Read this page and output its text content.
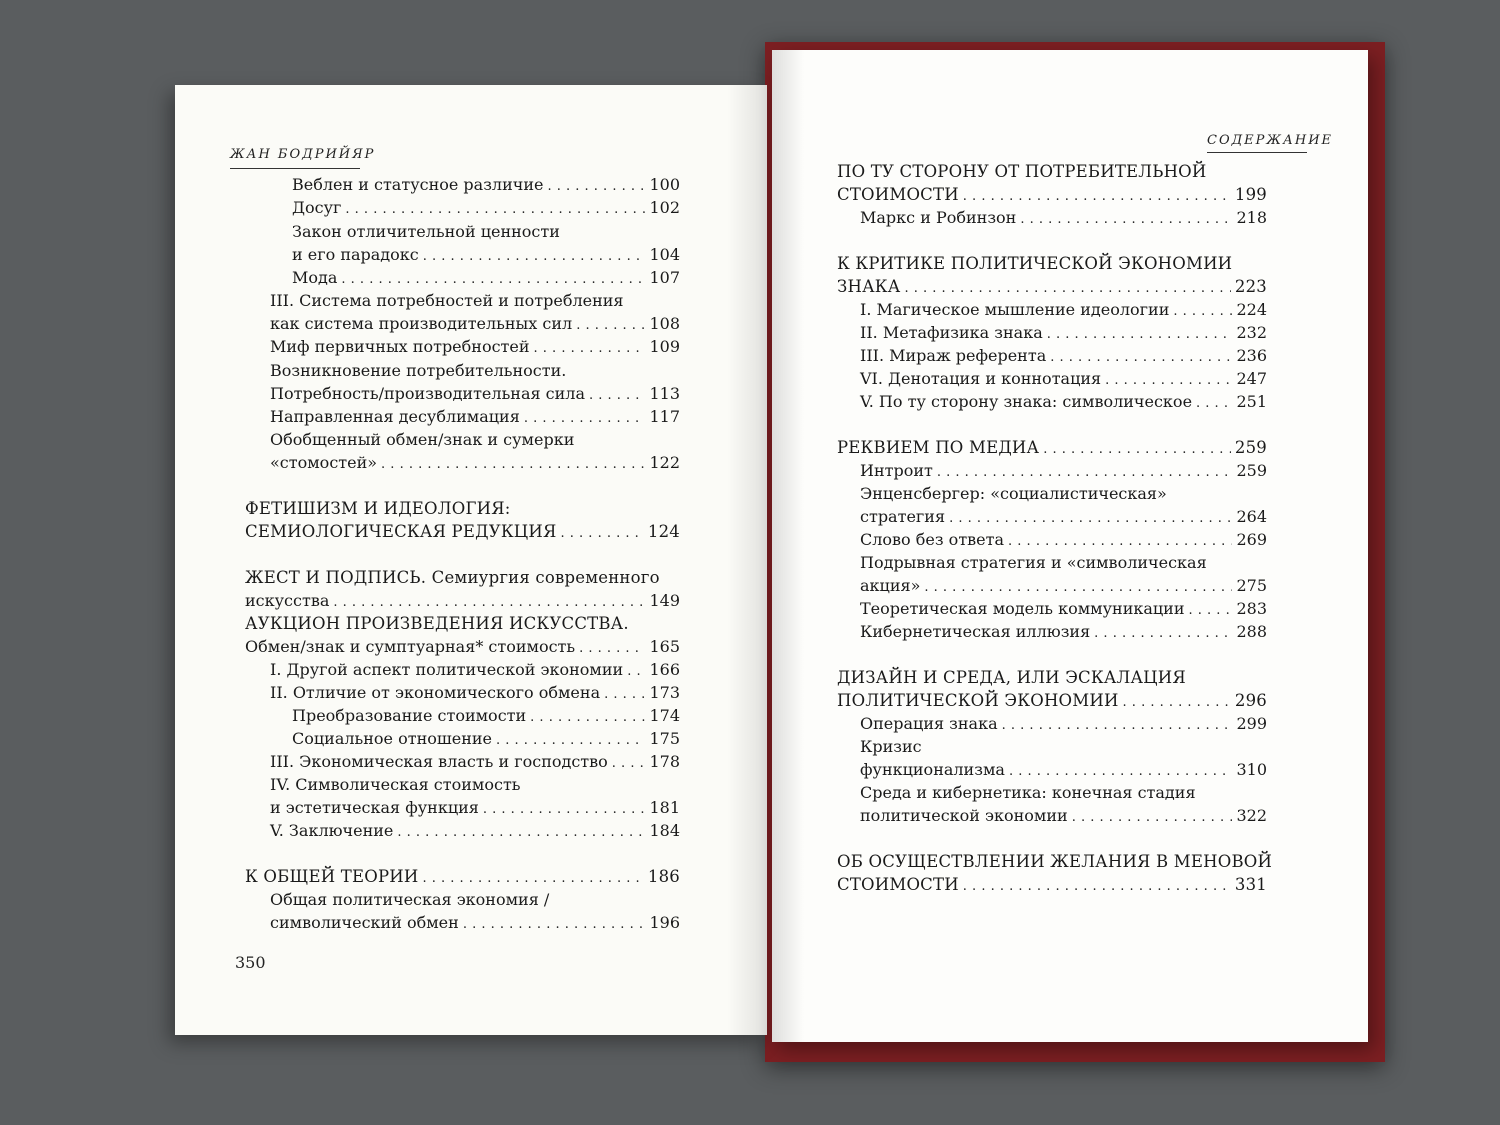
ЖАН БОДРИЙЯР
Веблен и статусное различие . . .	100
Досуг . . .	102
Закон отличительной ценности
и его парадокс . . .	104
Мода . . .	107
III. Система потребностей и потребления
как система производительных сил . . .	108
Миф первичных потребностей . . .	109
Возникновение потребительности.
Потребность/производительная сила . . .	113
Направленная десублимация . . .	117
Обобщенный обмен/знак и сумерки
«стомостей» . . .	122
ФЕТИШИЗМ И ИДЕОЛОГИЯ:
СЕМИОЛОГИЧЕСКАЯ РЕДУКЦИЯ . . .	124
ЖЕСТ И ПОДПИСЬ. Семиургия современного
искусства . . .	149
АУКЦИОН ПРОИЗВЕДЕНИЯ ИСКУССТВА.
Обмен/знак и сумптуарная* стоимость . . .	165
I. Другой аспект политической экономии . . . 166
II. Отличие от экономического обмена . . .	173
Преобразование стоимости . . .	174
Социальное отношение . . .	175
III. Экономическая власть и господство . . .	178
IV. Символическая стоимость
и эстетическая функция . . .	181
V. Заключение . . .	184
К ОБЩЕЙ ТЕОРИИ . . .	186
Общая политическая экономия /
символический обмен . . .	196
350
СОДЕРЖАНИЕ
ПО ТУ СТОРОНУ ОТ ПОТРЕБИТЕЛЬНОЙ
СТОИМОСТИ . . .	199
Маркс и Робинзон . . .	218
К КРИТИКЕ ПОЛИТИЧЕСКОЙ ЭКОНОМИИ
ЗНАКА . . .	223
I. Магическое мышление идеологии . . .	224
II. Метафизика знака . . .	232
III. Мираж референта . . .	236
VI. Денотация и коннотация . . .	247
V. По ту сторону знака: символическое . . .	251
РЕКВИЕМ ПО МЕДИА . . .	259
Интроит . . .	259
Энценсбергер: «социалистическая»
стратегия . . .	264
Слово без ответа . . .	269
Подрывная стратегия и «символическая
акция» . . .	275
Теоретическая модель коммуникации . . .	283
Кибернетическая иллюзия . . .	288
ДИЗАЙН И СРЕДА, ИЛИ ЭСКАЛАЦИЯ
ПОЛИТИЧЕСКОЙ ЭКОНОМИИ . . .	296
Операция знака . . .	299
Кризис
функционализма . . .	310
Среда и кибернетика: конечная стадия
политической экономии . . .	322
ОБ ОСУЩЕСТВЛЕНИИ ЖЕЛАНИЯ В МЕНОВОЙ
СТОИМОСТИ . . .	331
